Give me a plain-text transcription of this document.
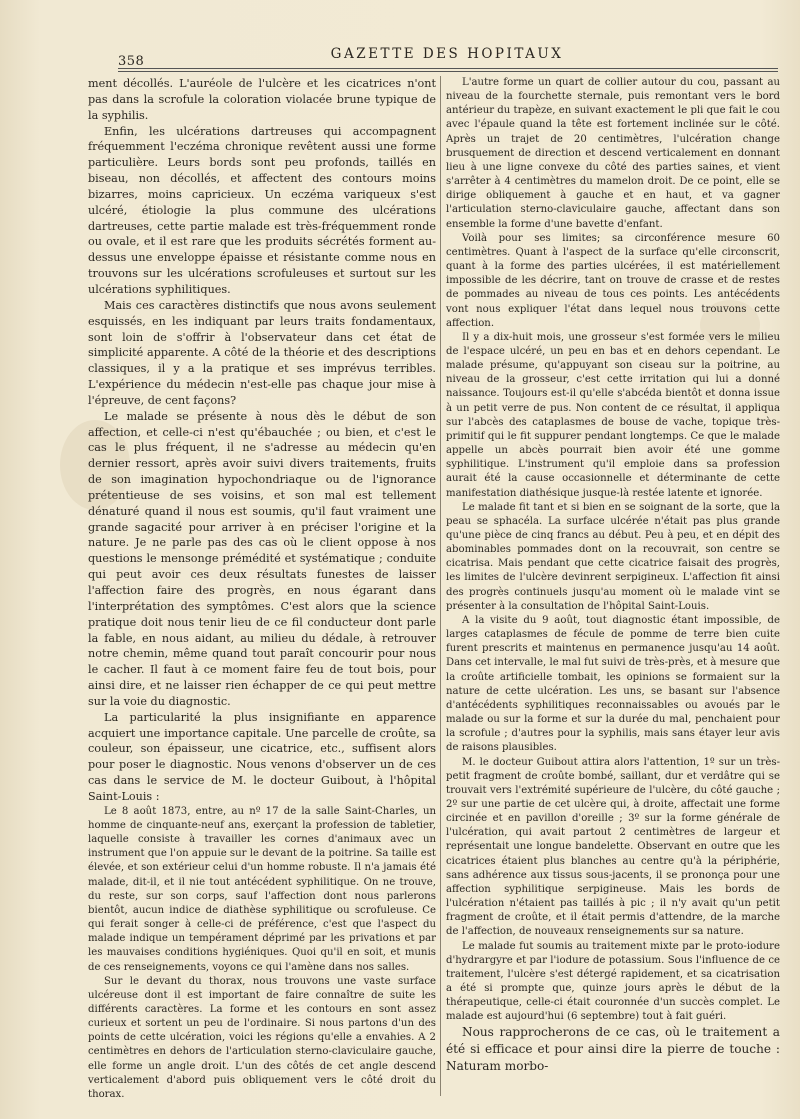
358	GAZETTE DES HOPITAUX

ment décollés. L'auréole de l'ulcère et les cicatrices n'ont pas dans la scrofule la coloration violacée brune typique de la syphilis.

Enfin, les ulcérations dartreuses qui accompagnent fréquemment l'eczéma chronique revêtent aussi une forme particulière. Leurs bords sont peu profonds, taillés en biseau, non décollés, et affectent des contours moins bizarres, moins capricieux. Un eczéma variqueux s'est ulcéré, étiologie la plus commune des ulcérations dartreuses, cette partie malade est très-fréquemment ronde ou ovale, et il est rare que les produits sécrétés forment au-dessus une enveloppe épaisse et résistante comme nous en trouvons sur les ulcérations scrofuleuses et surtout sur les ulcérations syphilitiques.

Mais ces caractères distinctifs que nous avons seulement esquissés, en les indiquant par leurs traits fondamentaux, sont loin de s'offrir à l'observateur dans cet état de simplicité apparente. A côté de la théorie et des descriptions classiques, il y a la pratique et ses imprévus terribles. L'expérience du médecin n'est-elle pas chaque jour mise à l'épreuve, de cent façons?

Le malade se présente à nous dès le début de son affection, et celle-ci n'est qu'ébauchée ; ou bien, et c'est le cas le plus fréquent, il ne s'adresse au médecin qu'en dernier ressort, après avoir suivi divers traitements, fruits de son imagination hypochondriaque ou de l'ignorance prétentieuse de ses voisins, et son mal est tellement dénaturé quand il nous est soumis, qu'il faut vraiment une grande sagacité pour arriver à en préciser l'origine et la nature. Je ne parle pas des cas où le client oppose à nos questions le mensonge prémédité et systématique ; conduite qui peut avoir ces deux résultats funestes de laisser l'affection faire des progrès, en nous égarant dans l'interprétation des symptômes. C'est alors que la science pratique doit nous tenir lieu de ce fil conducteur dont parle la fable, en nous aidant, au milieu du dédale, à retrouver notre chemin, même quand tout paraît concourir pour nous le cacher. Il faut à ce moment faire feu de tout bois, pour ainsi dire, et ne laisser rien échapper de ce qui peut mettre sur la voie du diagnostic.

La particularité la plus insignifiante en apparence acquiert une importance capitale. Une parcelle de croûte, sa couleur, son épaisseur, une cicatrice, etc., suffisent alors pour poser le diagnostic. Nous venons d'observer un de ces cas dans le service de M. le docteur Guibout, à l'hôpital Saint-Louis :

Le 8 août 1873, entre, au nº 17 de la salle Saint-Charles, un homme de cinquante-neuf ans, exerçant la profession de tabletier, laquelle consiste à travailler les cornes d'animaux avec un instrument que l'on appuie sur le devant de la poitrine. Sa taille est élevée, et son extérieur celui d'un homme robuste. Il n'a jamais été malade, dit-il, et il nie tout antécédent syphilitique. On ne trouve, du reste, sur son corps, sauf l'affection dont nous parlerons bientôt, aucun indice de diathèse syphilitique ou scrofuleuse. Ce qui ferait songer à celle-ci de préférence, c'est que l'aspect du malade indique un tempérament déprimé par les privations et par les mauvaises conditions hygiéniques. Quoi qu'il en soit, et munis de ces renseignements, voyons ce qui l'amène dans nos salles.

Sur le devant du thorax, nous trouvons une vaste surface ulcéreuse dont il est important de faire connaître de suite les différents caractères. La forme et les contours en sont assez curieux et sortent un peu de l'ordinaire. Si nous partons d'un des points de cette ulcération, voici les régions qu'elle a envahies. A 2 centimètres en dehors de l'articulation sterno-claviculaire gauche, elle forme un angle droit. L'un des côtés de cet angle descend verticalement d'abord puis obliquement vers le côté droit du thorax.

L'autre forme un quart de collier autour du cou, passant au niveau de la fourchette sternale, puis remontant vers le bord antérieur du trapèze, en suivant exactement le pli que fait le cou avec l'épaule quand la tête est fortement inclinée sur le côté. Après un trajet de 20 centimètres, l'ulcération change brusquement de direction et descend verticalement en donnant lieu à une ligne convexe du côté des parties saines, et vient s'arrêter à 4 centimètres du mamelon droit. De ce point, elle se dirige obliquement à gauche et en haut, et va gagner l'articulation sterno-claviculaire gauche, affectant dans son ensemble la forme d'une bavette d'enfant.

Voilà pour ses limites; sa circonférence mesure 60 centimètres. Quant à l'aspect de la surface qu'elle circonscrit, quant à la forme des parties ulcérées, il est matériellement impossible de les décrire, tant on trouve de crasse et de restes de pommades au niveau de tous ces points. Les antécédents vont nous expliquer l'état dans lequel nous trouvons cette affection.

Il y a dix-huit mois, une grosseur s'est formée vers le milieu de l'espace ulcéré, un peu en bas et en dehors cependant. Le malade présume, qu'appuyant son ciseau sur la poitrine, au niveau de la grosseur, c'est cette irritation qui lui a donné naissance. Toujours est-il qu'elle s'abcéda bientôt et donna issue à un petit verre de pus. Non content de ce résultat, il appliqua sur l'abcès des cataplasmes de bouse de vache, topique très-primitif qui le fit suppurer pendant longtemps. Ce que le malade appelle un abcès pourrait bien avoir été une gomme syphilitique. L'instrument qu'il emploie dans sa profession aurait été la cause occasionnelle et déterminante de cette manifestation diathésique jusque-là restée latente et ignorée.

Le malade fit tant et si bien en se soignant de la sorte, que la peau se sphacéla. La surface ulcérée n'était pas plus grande qu'une pièce de cinq francs au début. Peu à peu, et en dépit des abominables pommades dont on la recouvrait, son centre se cicatrisa. Mais pendant que cette cicatrice faisait des progrès, les limites de l'ulcère devinrent serpigineux. L'affection fit ainsi des progrès continuels jusqu'au moment où le malade vint se présenter à la consultation de l'hôpital Saint-Louis.

A la visite du 9 août, tout diagnostic étant impossible, de larges cataplasmes de fécule de pomme de terre bien cuite furent prescrits et maintenus en permanence jusqu'au 14 août. Dans cet intervalle, le mal fut suivi de très-près, et à mesure que la croûte artificielle tombait, les opinions se formaient sur la nature de cette ulcération. Les uns, se basant sur l'absence d'antécédents syphilitiques reconnaissables ou avoués par le malade ou sur la forme et sur la durée du mal, penchaient pour la scrofule ; d'autres pour la syphilis, mais sans étayer leur avis de raisons plausibles.

M. le docteur Guibout attira alors l'attention, 1º sur un très-petit fragment de croûte bombé, saillant, dur et verdâtre qui se trouvait vers l'extrémité supérieure de l'ulcère, du côté gauche ; 2º sur une partie de cet ulcère qui, à droite, affectait une forme circinée et en pavillon d'oreille ; 3º sur la forme générale de l'ulcération, qui avait partout 2 centimètres de largeur et représentait une longue bandelette. Observant en outre que les cicatrices étaient plus blanches au centre qu'à la périphérie, sans adhérence aux tissus sous-jacents, il se prononça pour une affection syphilitique serpigineuse. Mais les bords de l'ulcération n'étaient pas taillés à pic ; il n'y avait qu'un petit fragment de croûte, et il était permis d'attendre, de la marche de l'affection, de nouveaux renseignements sur sa nature.

Le malade fut soumis au traitement mixte par le proto-iodure d'hydrargyre et par l'iodure de potassium. Sous l'influence de ce traitement, l'ulcère s'est détergé rapidement, et sa cicatrisation a été si prompte que, quinze jours après le début de la thérapeutique, celle-ci était couronnée d'un succès complet. Le malade est aujourd'hui (6 septembre) tout à fait guéri.

Nous rapprocherons de ce cas, où le traitement a été si efficace et pour ainsi dire la pierre de touche : Naturam morbo-
